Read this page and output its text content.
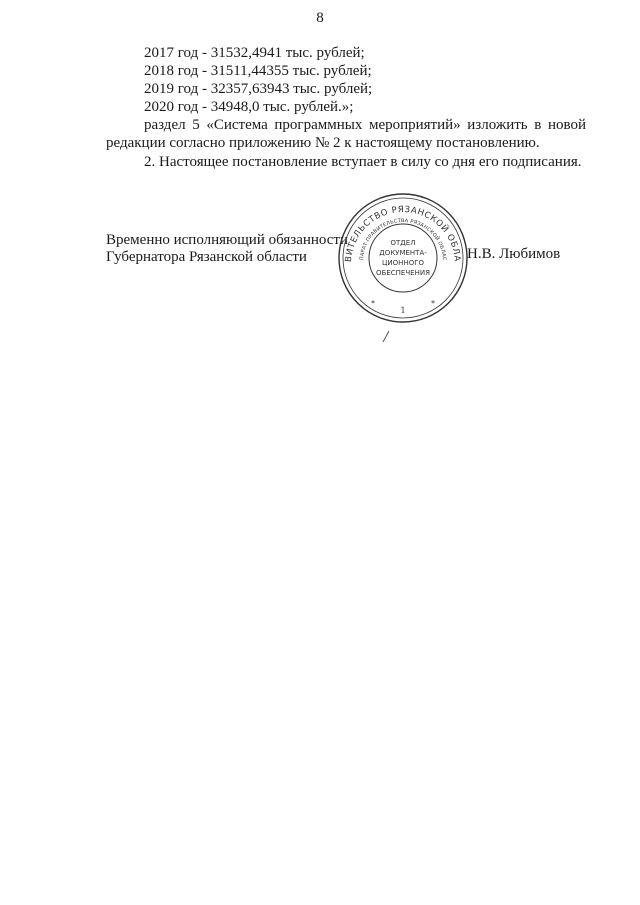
8
2017 год - 31532,4941 тыс. рублей;
2018 год - 31511,44355 тыс. рублей;
2019 год - 32357,63943 тыс. рублей;
2020 год - 34948,0 тыс. рублей.»;
раздел 5 «Система программных мероприятий» изложить в новой редакции согласно приложению № 2 к настоящему постановлению.
2. Настоящее постановление вступает в силу со дня его подписания.
Временно исполняющий обязанности
Губернатора Рязанской области	Н.В. Любимов
ВИТЕЛЬСТВО РЯЗАНСКОЙ ОБЛА
ПАРАТ ПРАВИТЕЛЬСТВА РЯЗАНСКОЙ ОБЛАС
ОТДЕЛ
ДОКУМЕНТА-
ЦИОННОГО
ОБЕСПЕЧЕНИЯ
1
*	*
